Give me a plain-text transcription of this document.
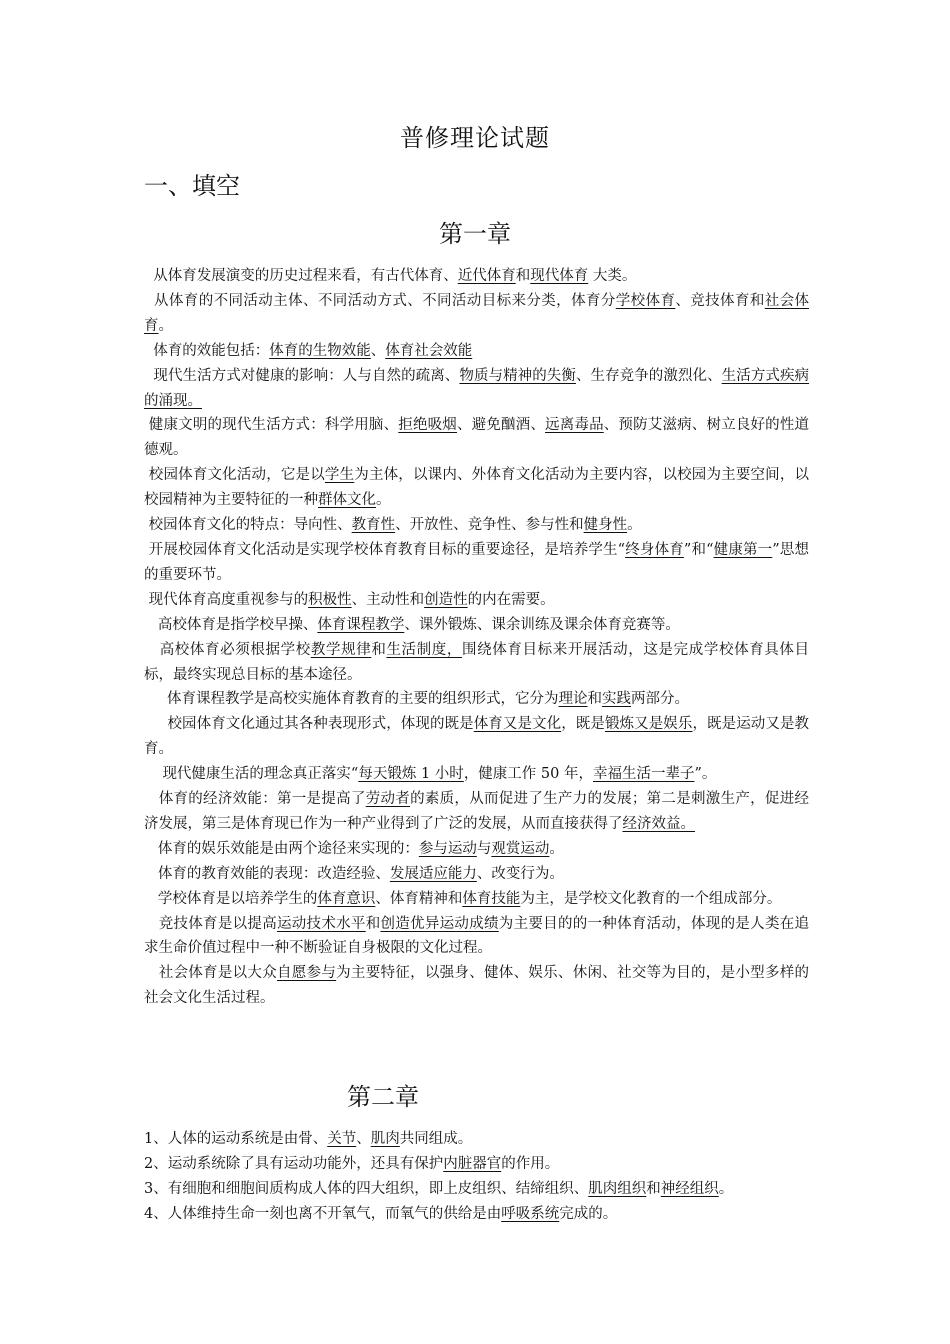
普修理论试题
一、填空
第一章

从体育发展演变的历史过程来看，有古代体育、近代体育和现代体育 大类。

从体育的不同活动主体、不同活动方式、不同活动目标来分类，体育分学校体育、竞技体育和社会体育。

体育的效能包括：体育的生物效能、体育社会效能

现代生活方式对健康的影响：人与自然的疏离、物质与精神的失衡、生存竞争的激烈化、生活方式疾病的涌现。

健康文明的现代生活方式：科学用脑、拒绝吸烟、避免酗酒、远离毒品、预防艾滋病、树立良好的性道德观。

校园体育文化活动，它是以学生为主体，以课内、外体育文化活动为主要内容，以校园为主要空间，以校园精神为主要特征的一种群体文化。

校园体育文化的特点：导向性、教育性、开放性、竞争性、参与性和健身性。

开展校园体育文化活动是实现学校体育教育目标的重要途径，是培养学生“终身体育”和“健康第一”思想的重要环节。

现代体育高度重视参与的积极性、主动性和创造性的内在需要。

高校体育是指学校早操、体育课程教学、课外锻炼、课余训练及课余体育竞赛等。

高校体育必须根据学校教学规律和生活制度，围绕体育目标来开展活动，这是完成学校体育具体目标，最终实现总目标的基本途径。

体育课程教学是高校实施体育教育的主要的组织形式，它分为理论和实践两部分。

校园体育文化通过其各种表现形式，体现的既是体育又是文化，既是锻炼又是娱乐，既是运动又是教育。

现代健康生活的理念真正落实“每天锻炼 1 小时，健康工作 50 年，幸福生活一辈子”。

体育的经济效能：第一是提高了劳动者的素质，从而促进了生产力的发展；第二是刺激生产，促进经济发展，第三是体育现已作为一种产业得到了广泛的发展，从而直接获得了经济效益。

体育的娱乐效能是由两个途径来实现的：参与运动与观赏运动。

体育的教育效能的表现：改造经验、发展适应能力、改变行为。

学校体育是以培养学生的体育意识、体育精神和体育技能为主，是学校文化教育的一个组成部分。

竞技体育是以提高运动技术水平和创造优异运动成绩为主要目的的一种体育活动，体现的是人类在追求生命价值过程中一种不断验证自身极限的文化过程。

社会体育是以大众自愿参与为主要特征，以强身、健体、娱乐、休闲、社交等为目的，是小型多样的社会文化生活过程。

第二章

1、人体的运动系统是由骨、关节、肌肉共同组成。

2、运动系统除了具有运动功能外，还具有保护内脏器官的作用。

3、有细胞和细胞间质构成人体的四大组织，即上皮组织、结缔组织、肌肉组织和神经组织。

4、人体维持生命一刻也离不开氧气，而氧气的供给是由呼吸系统完成的。
